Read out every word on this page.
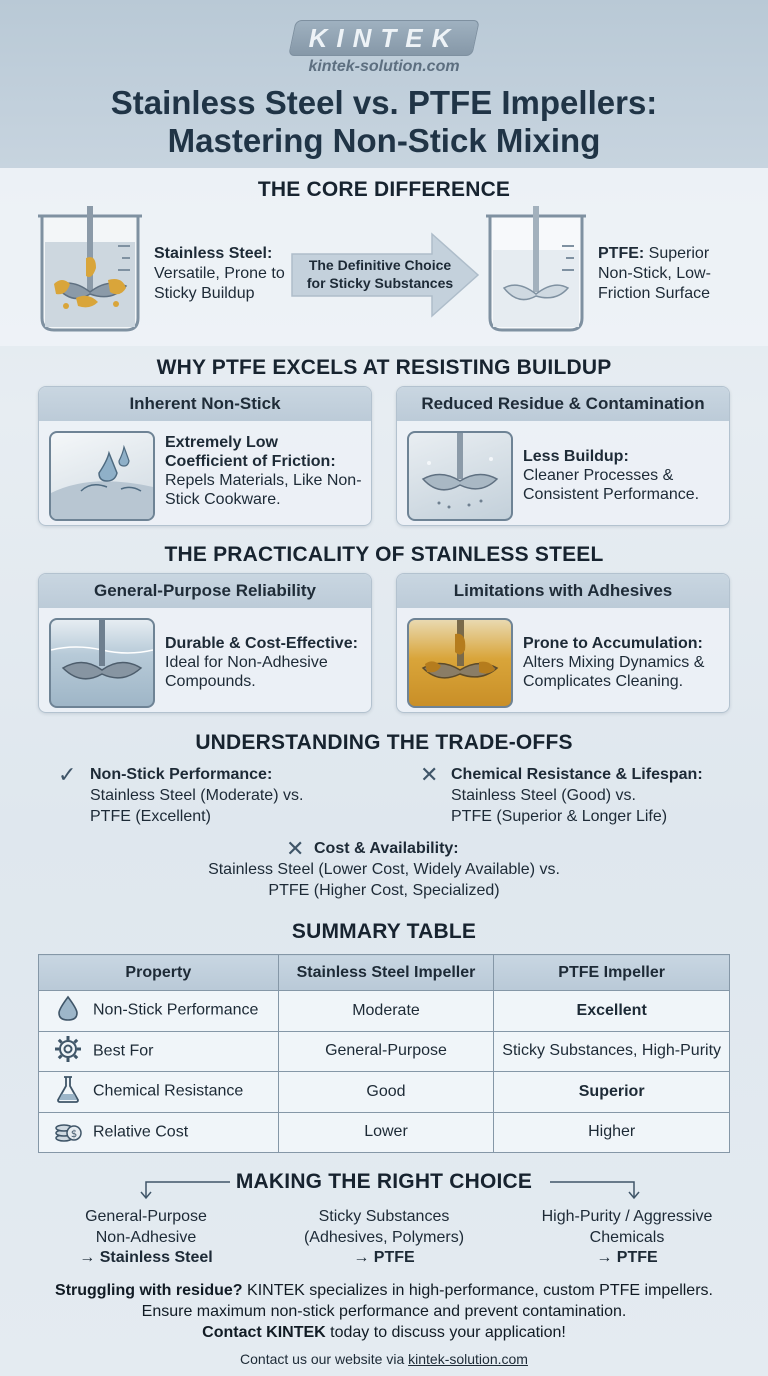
KINTEK
kintek-solution.com
Stainless Steel vs. PTFE Impellers:
Mastering Non-Stick Mixing
THE CORE DIFFERENCE
Stainless Steel: Versatile, Prone to Sticky Buildup
The Definitive Choice for Sticky Substances
PTFE: Superior Non-Stick, Low-Friction Surface
WHY PTFE EXCELS AT RESISTING BUILDUP
Inherent Non-Stick
Extremely Low Coefficient of Friction:
Repels Materials, Like Non-Stick Cookware.
Reduced Residue & Contamination
Less Buildup:
Cleaner Processes & Consistent Performance.
THE PRACTICALITY OF STAINLESS STEEL
General-Purpose Reliability
Durable & Cost-Effective:
Ideal for Non-Adhesive Compounds.
Limitations with Adhesives
Prone to Accumulation:
Alters Mixing Dynamics & Complicates Cleaning.
UNDERSTANDING THE TRADE-OFFS
✓ Non-Stick Performance:
Stainless Steel (Moderate) vs.
PTFE (Excellent)
✕ Chemical Resistance & Lifespan:
Stainless Steel (Good) vs.
PTFE (Superior & Longer Life)
✕ Cost & Availability:
Stainless Steel (Lower Cost, Widely Available) vs.
PTFE (Higher Cost, Specialized)
SUMMARY TABLE
Property	Stainless Steel Impeller	PTFE Impeller
Non-Stick Performance	Moderate	Excellent
Best For	General-Purpose	Sticky Substances, High-Purity
Chemical Resistance	Good	Superior

$ Relative Cost	Lower	Higher
MAKING THE RIGHT CHOICE
General-Purpose
Non-Adhesive
→ Stainless Steel
Sticky Substances
(Adhesives, Polymers)
→ PTFE
High-Purity / Aggressive
Chemicals
→ PTFE
Struggling with residue? KINTEK specializes in high-performance, custom PTFE impellers.
Ensure maximum non-stick performance and prevent contamination.
Contact KINTEK today to discuss your application!
Contact us our website via kintek-solution.com
